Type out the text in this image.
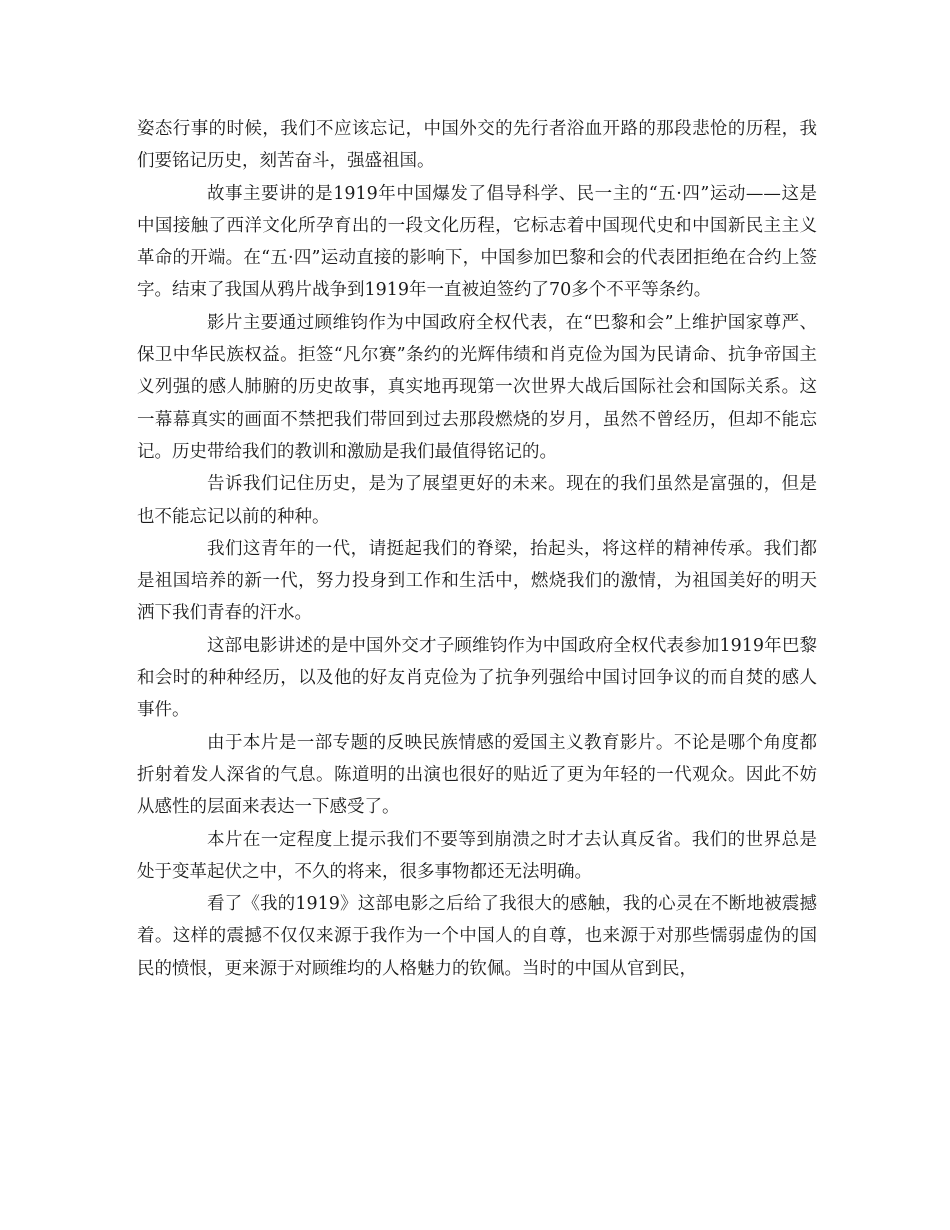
姿态行事的时候，我们不应该忘记，中国外交的先行者浴血开路的那段悲怆的历程，我们要铭记历史，刻苦奋斗，强盛祖国。

故事主要讲的是1919年中国爆发了倡导科学、民一主的“五·四”运动——这是中国接触了西洋文化所孕育出的一段文化历程，它标志着中国现代史和中国新民主主义革命的开端。在“五·四”运动直接的影响下，中国参加巴黎和会的代表团拒绝在合约上签字。结束了我国从鸦片战争到1919年一直被迫签约了70多个不平等条约。

影片主要通过顾维钧作为中国政府全权代表，在“巴黎和会”上维护国家尊严、保卫中华民族权益。拒签“凡尔赛”条约的光辉伟绩和肖克俭为国为民请命、抗争帝国主义列强的感人肺腑的历史故事，真实地再现第一次世界大战后国际社会和国际关系。这一幕幕真实的画面不禁把我们带回到过去那段燃烧的岁月，虽然不曾经历，但却不能忘记。历史带给我们的教训和激励是我们最值得铭记的。

告诉我们记住历史，是为了展望更好的未来。现在的我们虽然是富强的，但是也不能忘记以前的种种。

我们这青年的一代，请挺起我们的脊梁，抬起头，将这样的精神传承。我们都是祖国培养的新一代，努力投身到工作和生活中，燃烧我们的激情，为祖国美好的明天洒下我们青春的汗水。

这部电影讲述的是中国外交才子顾维钧作为中国政府全权代表参加1919年巴黎和会时的种种经历，以及他的好友肖克俭为了抗争列强给中国讨回争议的而自焚的感人事件。

由于本片是一部专题的反映民族情感的爱国主义教育影片。不论是哪个角度都折射着发人深省的气息。陈道明的出演也很好的贴近了更为年轻的一代观众。因此不妨从感性的层面来表达一下感受了。

本片在一定程度上提示我们不要等到崩溃之时才去认真反省。我们的世界总是处于变革起伏之中，不久的将来，很多事物都还无法明确。

看了《我的1919》这部电影之后给了我很大的感触，我的心灵在不断地被震撼着。这样的震撼不仅仅来源于我作为一个中国人的自尊，也来源于对那些懦弱虚伪的国民的愤恨，更来源于对顾维均的人格魅力的钦佩。当时的中国从官到民，
